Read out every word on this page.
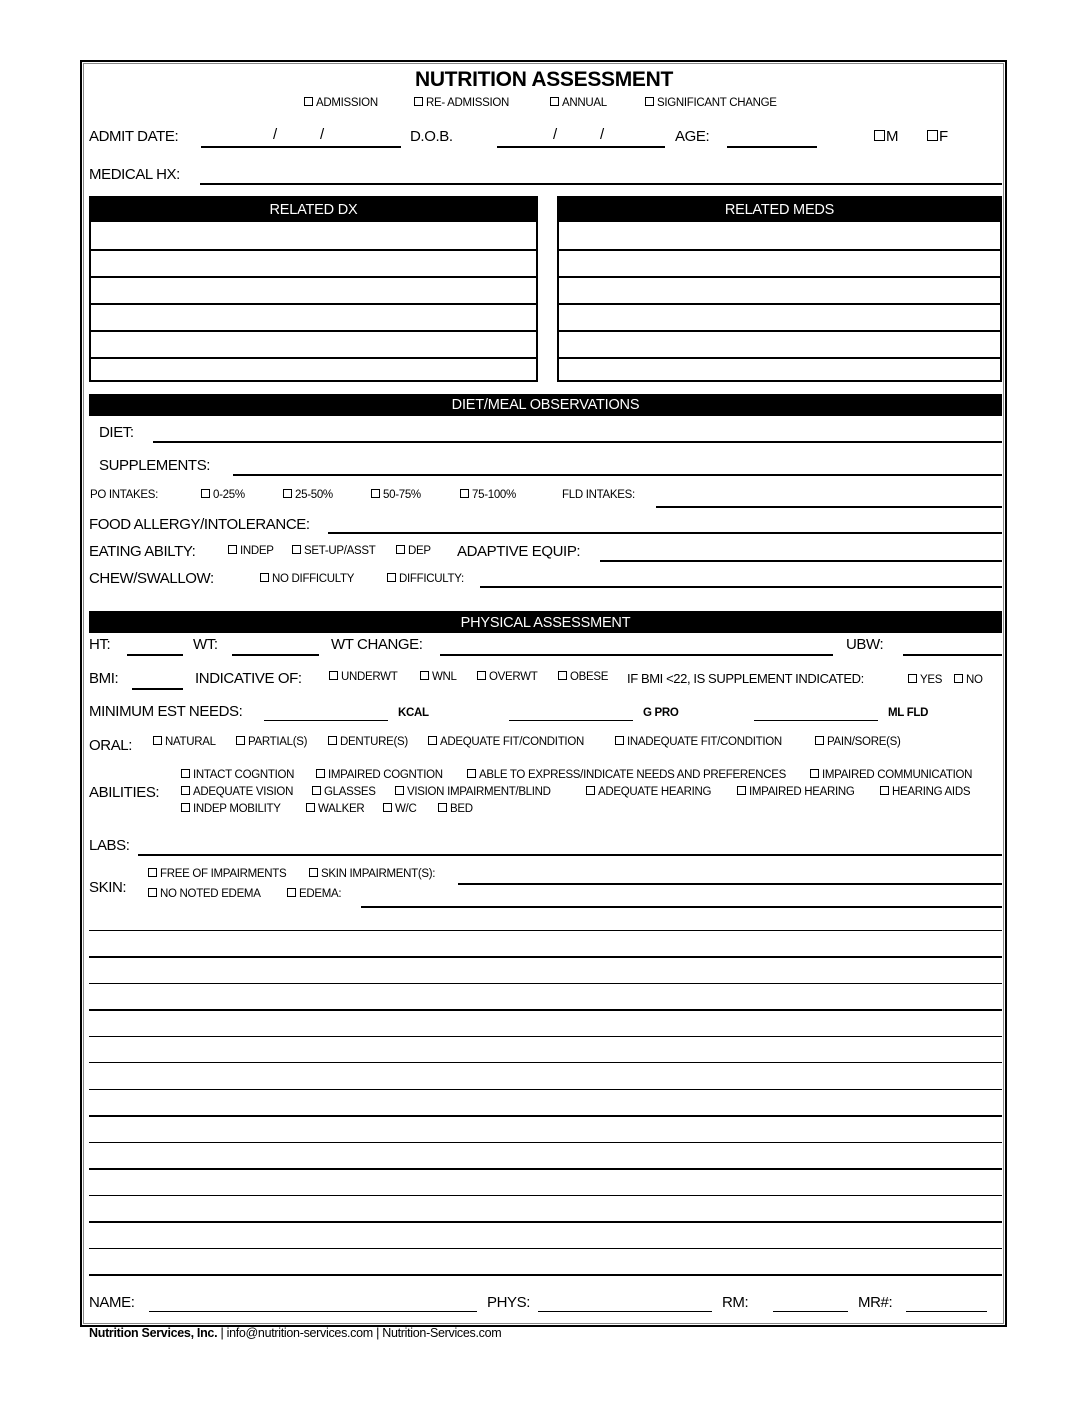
NUTRITION ASSESSMENT
ADMISSION	RE- ADMISSION	ANNUAL	SIGNIFICANT CHANGE
ADMIT DATE:	/	/	D.O.B.	/	/	AGE:	M	F
MEDICAL HX:
RELATED DX	RELATED MEDS
DIET/MEAL OBSERVATIONS
DIET:
SUPPLEMENTS:
PO INTAKES:	0-25%	25-50%	50-75%	75-100%	FLD INTAKES:
FOOD ALLERGY/INTOLERANCE:
EATING ABILTY:	INDEP	SET-UP/ASST	DEP ADAPTIVE EQUIP:
CHEW/SWALLOW:	NO DIFFICULTY	DIFFICULTY:
PHYSICAL ASSESSMENT
HT:	WT:	WT CHANGE:	UBW:
BMI:	INDICATIVE OF:	UNDERWT	WNL	OVERWT	OBESE IF BMI <22, IS SUPPLEMENT INDICATED:	YES	NO
MINIMUM EST NEEDS:	KCAL	G PRO	ML FLD
ORAL:	NATURAL	PARTIAL(S)	DENTURE(S)	ADEQUATE FIT/CONDITION	INADEQUATE FIT/CONDITION	PAIN/SORE(S)
ABILITIES:
INTACT COGNTION	IMPAIRED COGNTION	ABLE TO EXPRESS/INDICATE NEEDS AND PREFERENCES	IMPAIRED COMMUNICATION
ADEQUATE VISION	GLASSES	VISION IMPAIRMENT/BLIND	ADEQUATE HEARING	IMPAIRED HEARING	HEARING AIDS
INDEP MOBILITY	WALKER	W/C	BED
LABS:
SKIN:
FREE OF IMPAIRMENTS	SKIN IMPAIRMENT(S):
NO NOTED EDEMA	EDEMA:
NAME:	PHYS:	RM:	MR#:
Nutrition Services, Inc. | info@nutrition-services.com | Nutrition-Services.com
